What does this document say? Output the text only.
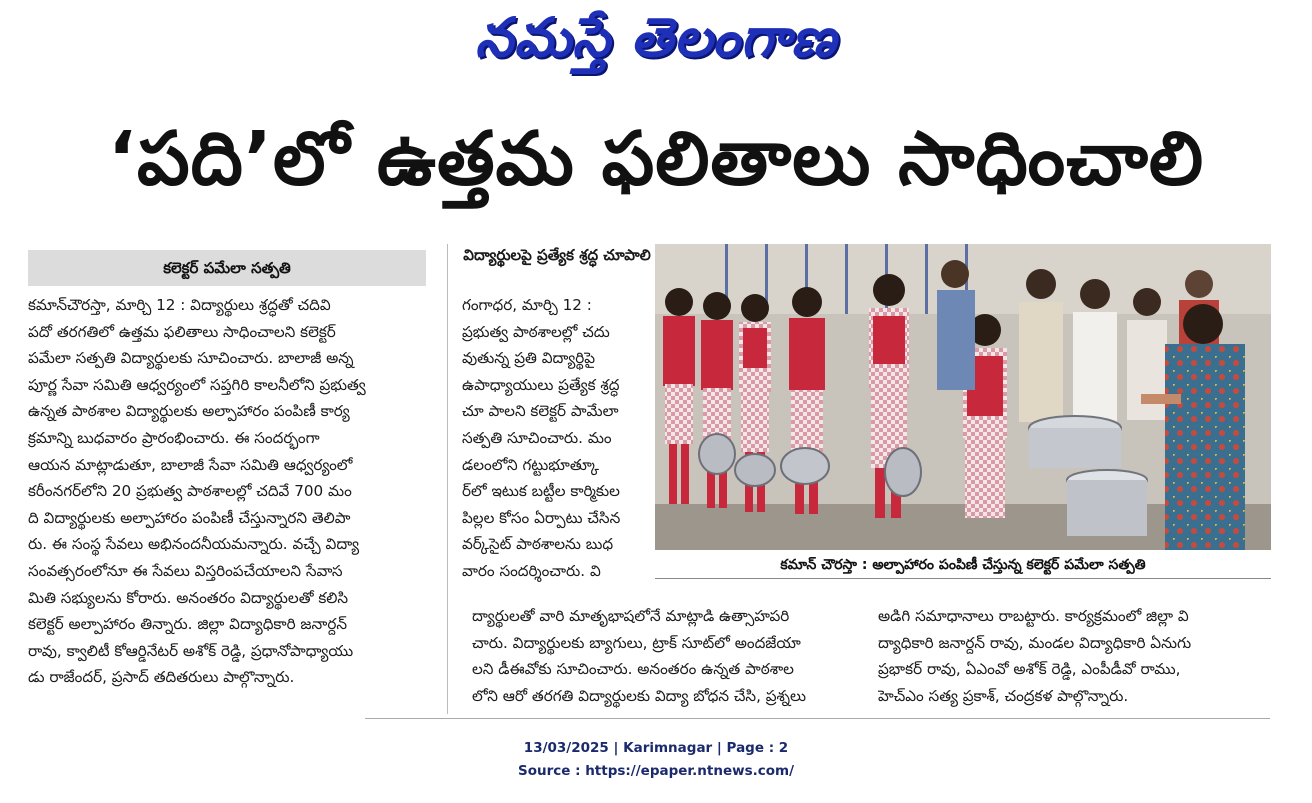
నమస్తే తెలంగాణ
‘పది’లో ఉత్తమ ఫలితాలు సాధించాలి
కలెక్టర్ పమేలా సత్పతి
కమాన్‌చౌరస్తా, మార్చి 12 : విద్యార్థులు శ్రద్ధతో చదివి
పదో తరగతిలో ఉత్తమ ఫలితాలు సాధించాలని కలెక్టర్
పమేలా సత్పతి విద్యార్థులకు సూచించారు. బాలాజీ అన్న
పూర్ణ సేవా సమితి ఆధ్వర్యంలో సప్తగిరి కాలనీలోని ప్రభుత్వ
ఉన్నత పాఠశాల విద్యార్థులకు అల్పాహారం పంపిణీ కార్య
క్రమాన్ని బుధవారం ప్రారంభించారు. ఈ సందర్భంగా
ఆయన మాట్లాడుతూ, బాలాజీ సేవా సమితి ఆధ్వర్యంలో
కరీంనగర్‌లోని 20 ప్రభుత్వ పాఠశాలల్లో చదివే 700 మం
ది విద్యార్థులకు అల్పాహారం పంపిణీ చేస్తున్నారని తెలిపా
రు. ఈ సంస్థ సేవలు అభినందనీయమన్నారు. వచ్చే విద్యా
సంవత్సరంలోనూ ఈ సేవలు విస్తరింపచేయాలని సేవాస
మితి సభ్యులను కోరారు. అనంతరం విద్యార్థులతో కలిసి
కలెక్టర్ అల్పాహారం తిన్నారు. జిల్లా విద్యాధికారి జనార్దన్
రావు, క్వాలిటీ కోఆర్డినేటర్ అశోక్ రెడ్డి, ప్రధానోపాధ్యాయు
డు రాజేందర్, ప్రసాద్ తదితరులు పాల్గొన్నారు.
విద్యార్థులపై ప్రత్యేక శ్రద్ధ చూపాలి
గంగాధర, మార్చి 12 :
ప్రభుత్వ పాఠశాలల్లో చదు
వుతున్న ప్రతి విద్యార్థిపై
ఉపాధ్యాయులు ప్రత్యేక శ్రద్ధ
చూ పాలని కలెక్టర్ పామేలా
సత్పతి సూచించారు. మం
డలంలోని గట్టుభూత్కూ
ర్‌లో ఇటుక బట్టీల కార్మికుల
పిల్లల కోసం ఏర్పాటు చేసిన
వర్క్‌సైట్ పాఠశాలను బుధ
వారం సందర్శించారు. వి	కమాన్ చౌరస్తా : అల్పాహారం పంపిణీ చేస్తున్న కలెక్టర్ పమేలా సత్పతి
ద్యార్థులతో వారి మాతృభాషలోనే మాట్లాడి ఉత్సాహపరి
చారు. విద్యార్థులకు బ్యాగులు, ట్రాక్ సూట్‌లో అందజేయా
లని డీఈవోకు సూచించారు. అనంతరం ఉన్నత పాఠశాల
లోని ఆరో తరగతి విద్యార్థులకు విద్యా బోధన చేసి, ప్రశ్నలు
అడిగి సమాధానాలు రాబట్టారు. కార్యక్రమంలో జిల్లా వి
ద్యాధికారి జనార్దన్ రావు, మండల విద్యాధికారి ఏనుగు
ప్రభాకర్ రావు, ఏఎంవో అశోక్ రెడ్డి, ఎంపీడీవో రాము,
హెచ్‌ఎం సత్య ప్రకాశ్, చంద్రకళ పాల్గొన్నారు.
13/03/2025 | Karimnagar | Page : 2
Source : https://epaper.ntnews.com/
